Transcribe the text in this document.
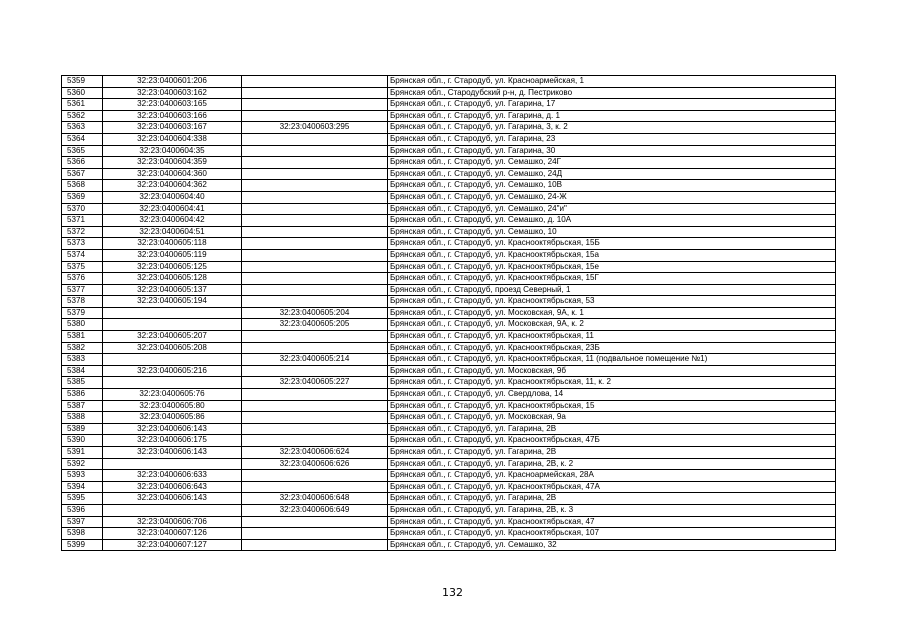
5359	32:23:0400601:206		Брянская обл., г. Стародуб, ул. Красноармейская, 1
5360	32:23:0400603:162		Брянская обл., Стародубский р-н, д. Пестриково
5361	32:23:0400603:165		Брянская обл., г. Стародуб, ул. Гагарина, 17
5362	32:23:0400603:166		Брянская обл., г. Стародуб, ул. Гагарина, д. 1
5363	32:23:0400603:167	32:23:0400603:295	Брянская обл., г. Стародуб, ул. Гагарина, 3, к. 2
5364	32:23:0400604:338		Брянская обл., г. Стародуб, ул. Гагарина, 23
5365	32:23:0400604:35		Брянская обл., г. Стародуб, ул. Гагарина, 30
5366	32:23:0400604:359		Брянская обл., г. Стародуб, ул. Семашко, 24Г
5367	32:23:0400604:360		Брянская обл., г. Стародуб, ул. Семашко, 24Д
5368	32:23:0400604:362		Брянская обл., г. Стародуб, ул. Семашко, 10В
5369	32:23:0400604:40		Брянская обл., г. Стародуб, ул. Семашко, 24-Ж
5370	32:23:0400604:41		Брянская обл., г. Стародуб, ул. Семашко, 24"и"
5371	32:23:0400604:42		Брянская обл., г. Стародуб, ул. Семашко, д. 10А
5372	32:23:0400604:51		Брянская обл., г. Стародуб, ул. Семашко, 10
5373	32:23:0400605:118		Брянская обл., г. Стародуб, ул. Краснооктябрьская, 15Б
5374	32:23:0400605:119		Брянская обл., г. Стародуб, ул. Краснооктябрьская, 15а
5375	32:23:0400605:125		Брянская обл., г. Стародуб, ул. Краснооктябрьская, 15е
5376	32:23:0400605:128		Брянская обл., г. Стародуб, ул. Краснооктябрьская, 15Г
5377	32:23:0400605:137		Брянская обл., г. Стародуб, проезд Северный, 1
5378	32:23:0400605:194		Брянская обл., г. Стародуб, ул. Краснооктябрьская, 53
5379		32:23:0400605:204	Брянская обл., г. Стародуб, ул. Московская, 9А, к. 1
5380		32:23:0400605:205	Брянская обл., г. Стародуб, ул. Московская, 9А, к. 2
5381	32:23:0400605:207		Брянская обл., г. Стародуб, ул. Краснооктябрьская, 11
5382	32:23:0400605:208		Брянская обл., г. Стародуб, ул. Краснооктябрьская, 23Б
5383		32:23:0400605:214	Брянская обл., г. Стародуб, ул. Краснооктябрьская, 11 (подвальное помещение №1)
5384	32:23:0400605:216		Брянская обл., г. Стародуб, ул. Московская, 9б
5385		32:23:0400605:227	Брянская обл., г. Стародуб, ул. Краснооктябрьская, 11, к. 2
5386	32:23:0400605:76		Брянская обл., г. Стародуб, ул. Свердлова, 14
5387	32:23:0400605:80		Брянская обл., г. Стародуб, ул. Краснооктябрьская, 15
5388	32:23:0400605:86		Брянская обл., г. Стародуб, ул. Московская, 9а
5389	32:23:0400606:143		Брянская обл., г. Стародуб, ул. Гагарина, 2В
5390	32:23:0400606:175		Брянская обл., г. Стародуб, ул. Краснооктябрьская, 47Б
5391	32:23:0400606:143	32:23:0400606:624	Брянская обл., г. Стародуб, ул. Гагарина, 2В
5392		32:23:0400606:626	Брянская обл., г. Стародуб, ул. Гагарина, 2В, к. 2
5393	32:23:0400606:633		Брянская обл., г. Стародуб, ул. Красноармейская, 28А
5394	32:23:0400606:643		Брянская обл., г. Стародуб, ул. Краснооктябрьская, 47А
5395	32:23:0400606:143	32:23:0400606:648	Брянская обл., г. Стародуб, ул. Гагарина, 2В
5396		32:23:0400606:649	Брянская обл., г. Стародуб, ул. Гагарина, 2В, к. 3
5397	32:23:0400606:706		Брянская обл., г. Стародуб, ул. Краснооктябрьская, 47
5398	32:23:0400607:126		Брянская обл., г. Стародуб, ул. Краснооктябрьская, 107
5399	32:23:0400607:127		Брянская обл., г. Стародуб, ул. Семашко, 32
132
